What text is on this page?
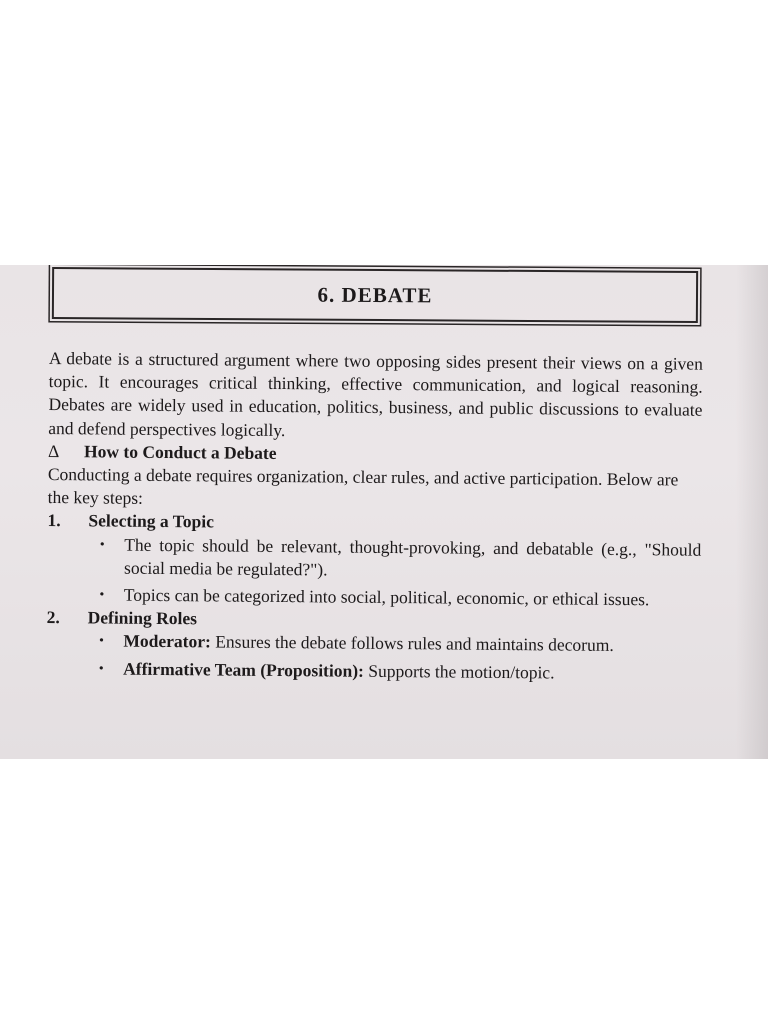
6. DEBATE

A debate is a structured argument where two opposing sides present their views on a given topic. It encourages critical thinking, effective communication, and logical reasoning. Debates are widely used in education, politics, business, and public discussions to evaluate and defend perspectives logically.

Δ	How to Conduct a Debate

Conducting a debate requires organization, clear rules, and active participation. Below are the key steps:

1.	Selecting a Topic
•	The topic should be relevant, thought-provoking, and debatable (e.g., "Should social media be regulated?").
•	Topics can be categorized into social, political, economic, or ethical issues.
2.	Defining Roles
•	Moderator: Ensures the debate follows rules and maintains decorum.
•	Affirmative Team (Proposition): Supports the motion/topic.
